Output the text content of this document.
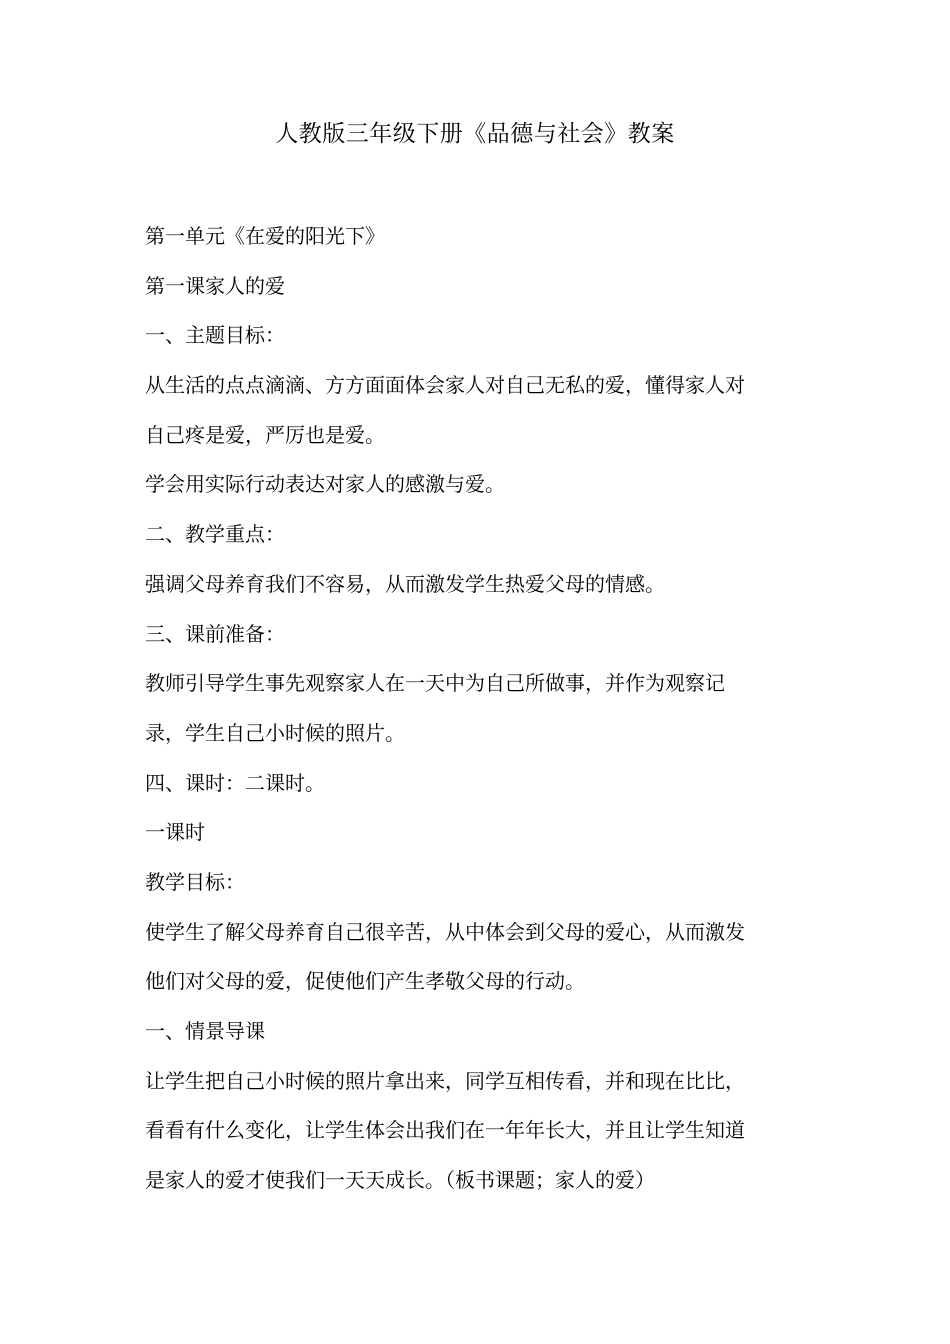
人教版三年级下册《品德与社会》教案
第一单元《在爱的阳光下》
第一课家人的爱
一、主题目标：
从生活的点点滴滴、方方面面体会家人对自己无私的爱，懂得家人对
自己疼是爱，严厉也是爱。
学会用实际行动表达对家人的感激与爱。
二、教学重点：
强调父母养育我们不容易，从而激发学生热爱父母的情感。
三、课前准备：
教师引导学生事先观察家人在一天中为自己所做事，并作为观察记
录，学生自己小时候的照片。
四、课时：二课时。
一课时
教学目标：
使学生了解父母养育自己很辛苦，从中体会到父母的爱心，从而激发
他们对父母的爱，促使他们产生孝敬父母的行动。
一、情景导课
让学生把自己小时候的照片拿出来，同学互相传看，并和现在比比，
看看有什么变化，让学生体会出我们在一年年长大，并且让学生知道
是家人的爱才使我们一天天成长。（板书课题；家人的爱）
